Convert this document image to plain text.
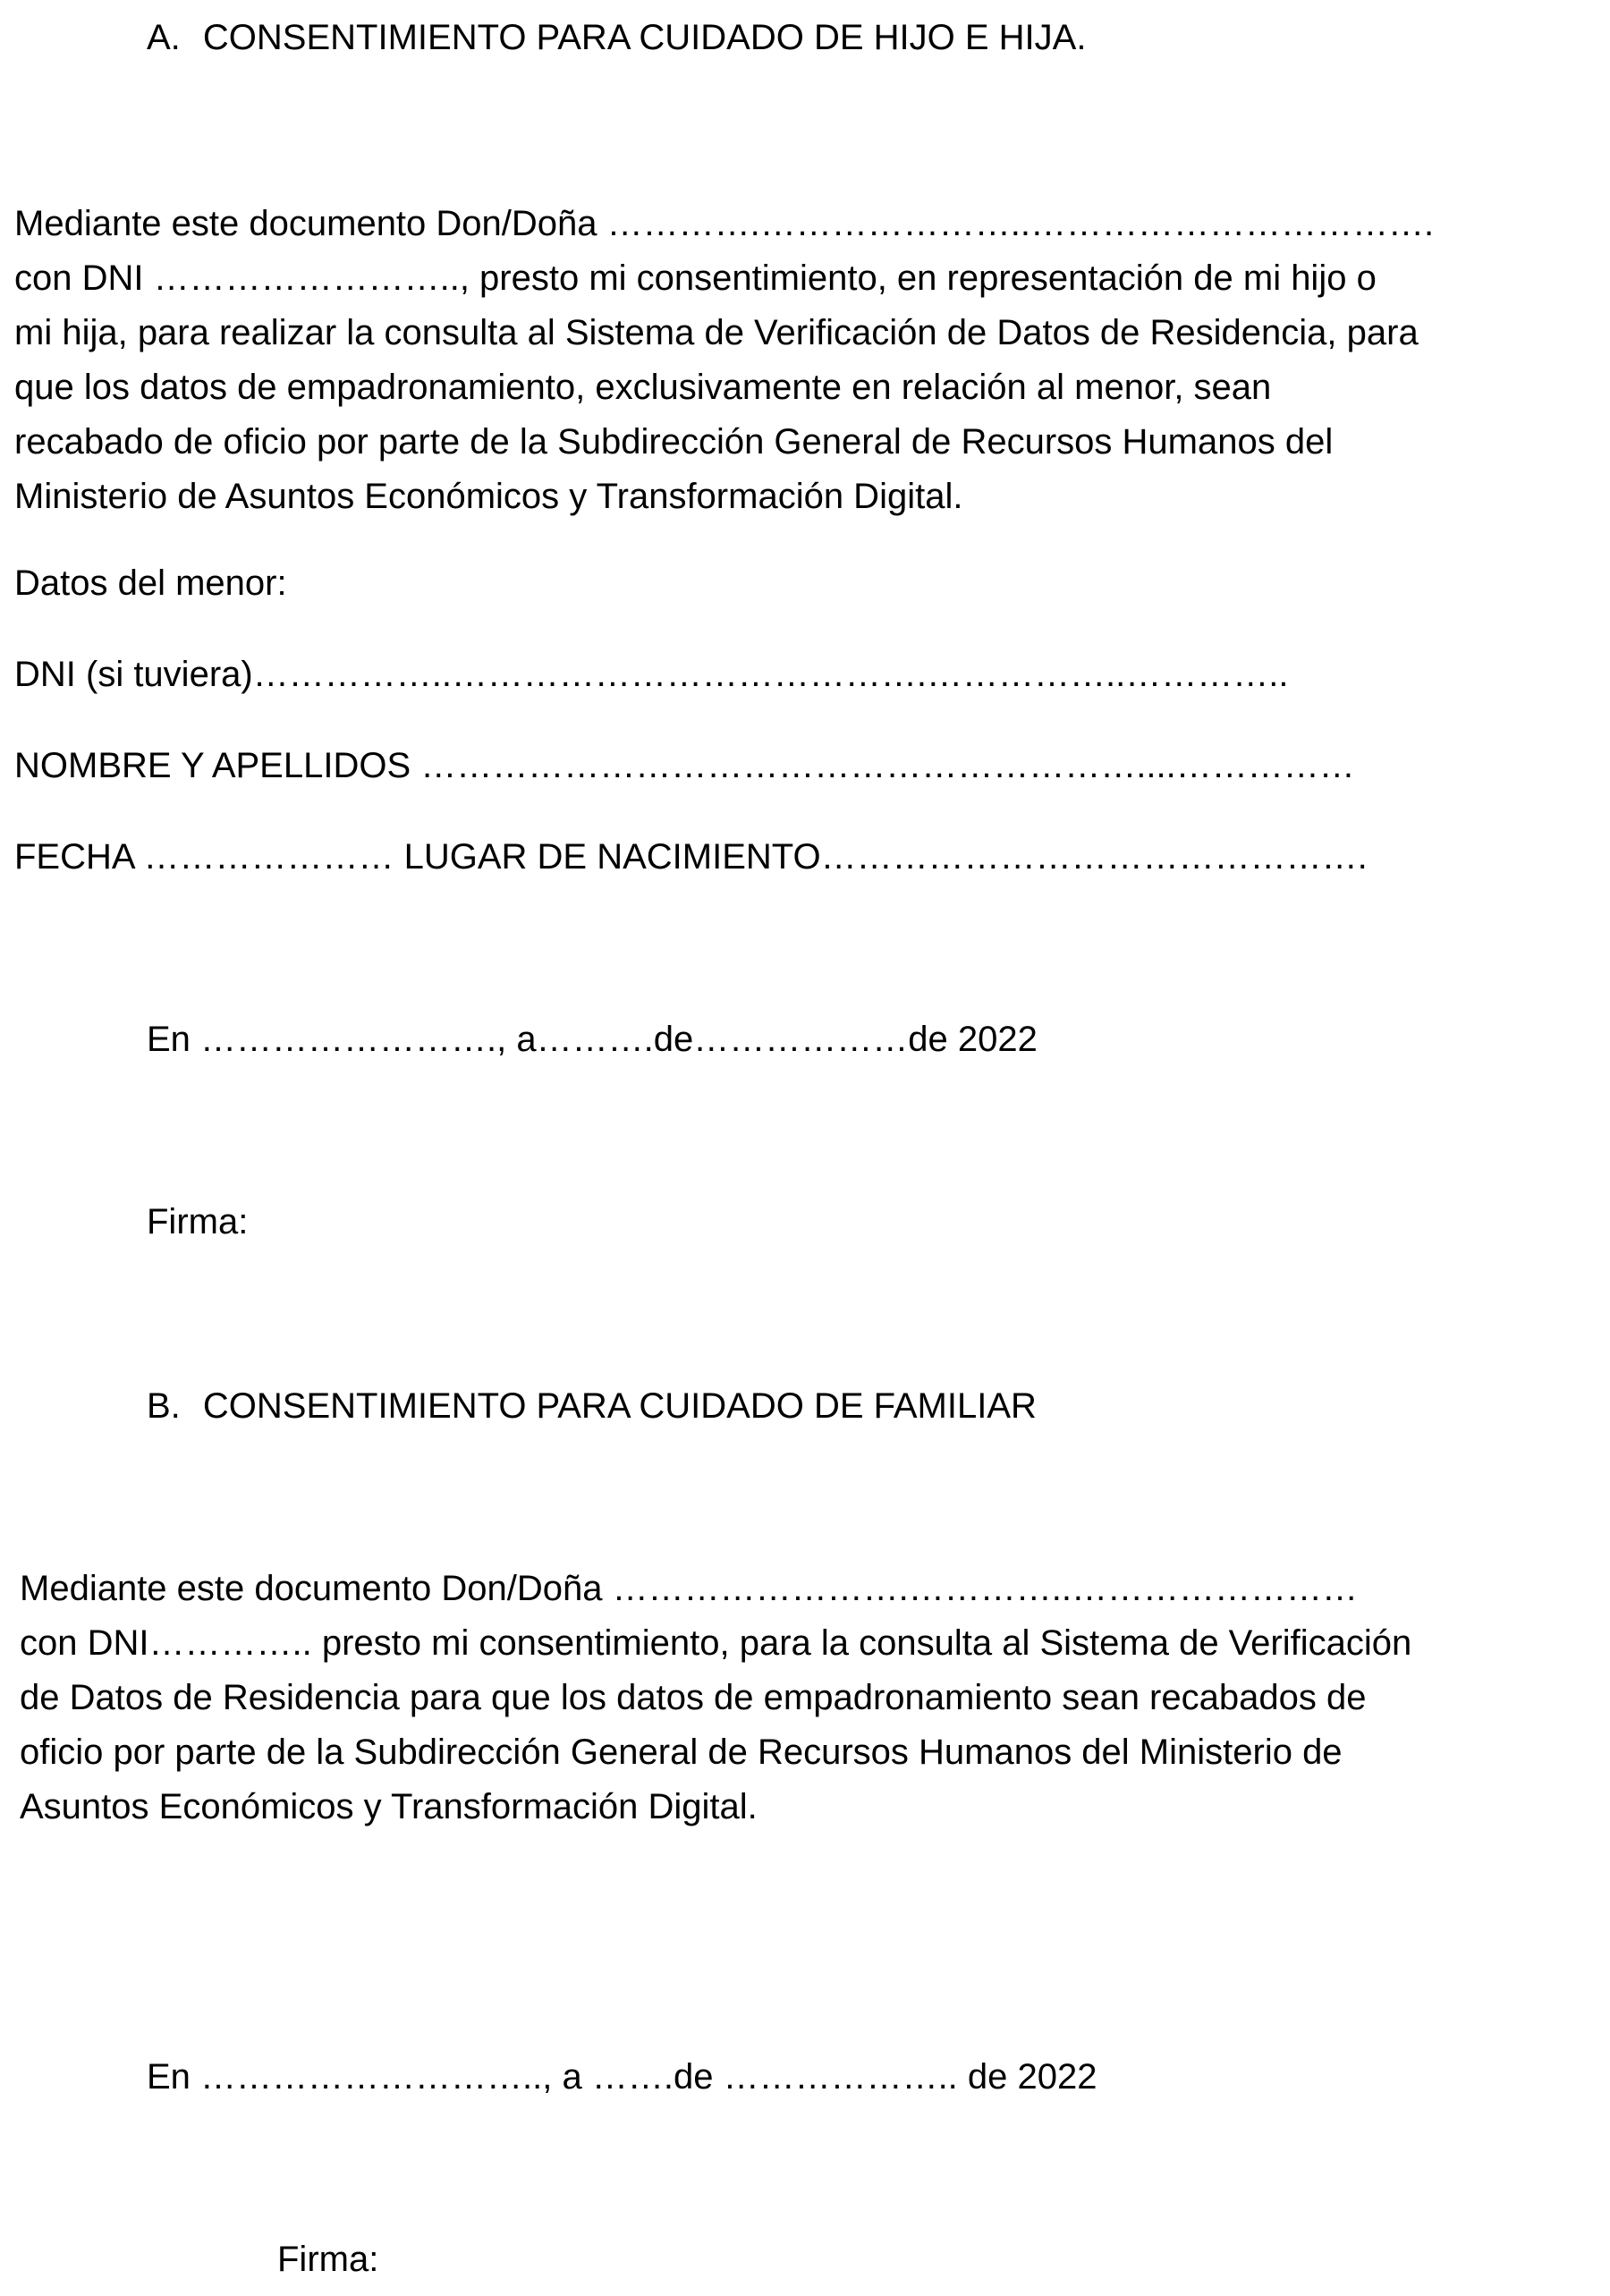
A. CONSENTIMIENTO PARA CUIDADO DE HIJO E HIJA.
Mediante este documento Don/Doña ………….…………………..…………………………….
con DNI …………………….., presto mi consentimiento, en representación de mi hijo o
mi hija, para realizar la consulta al Sistema de Verificación de Datos de Residencia, para
que los datos de empadronamiento, exclusivamente en relación al menor, sean
recabado de oficio por parte de la Subdirección General de Recursos Humanos del
Ministerio de Asuntos Económicos y Transformación Digital.
Datos del menor:
DNI (si tuviera)……………..………………………………….……………..…………..
NOMBRE Y APELLIDOS ……………………………………………………....……………
FECHA ………………… LUGAR DE NACIMIENTO……………………………………….
En ……………………., a……….de………………de 2022
Firma:
B. CONSENTIMIENTO PARA CUIDADO DE FAMILIAR
Mediante este documento Don/Doña …………………….…………..……………………
con DNI………….. presto mi consentimiento, para la consulta al Sistema de Verificación
de Datos de Residencia para que los datos de empadronamiento sean recabados de
oficio por parte de la Subdirección General de Recursos Humanos del Ministerio de
Asuntos Económicos y Transformación Digital.
En ……………………….., a …….de ……………….. de 2022
Firma:
